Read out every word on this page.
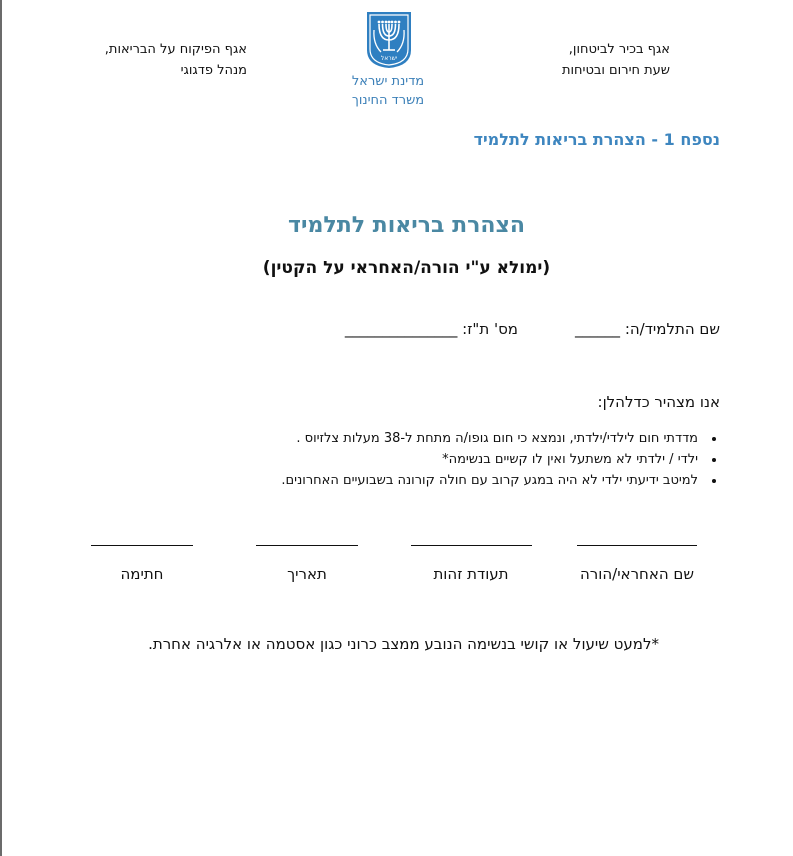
אגף בכיר לביטחון,
שעת חירום ובטיחות
אגף הפיקוח על הבריאות,
מנהל פדגוגי
ישראל
מדינת ישראל
משרד החינוך
נספח 1 - הצהרת בריאות לתלמיד
הצהרת בריאות לתלמיד
(ימולא ע"י הורה/האחראי על הקטין)
שם התלמיד/ה: ______
מס' ת"ז: _______________
אנו מצהיר כדלהלן:
• מדדתי חום לילדי/ילדתי, ונמצא כי חום גופו/ה מתחת ל-38 מעלות צלזיוס .
• ילדי / ילדתי לא משתעל ואין לו קשיים בנשימה*
• למיטב ידיעתי ילדי לא היה במגע קרוב עם חולה קורונה בשבועיים האחרונים.
שם האחראי/הורה
תעודת זהות
תאריך
חתימה
*למעט שיעול או קושי בנשימה הנובע ממצב כרוני כגון אסטמה או אלרגיה אחרת.
